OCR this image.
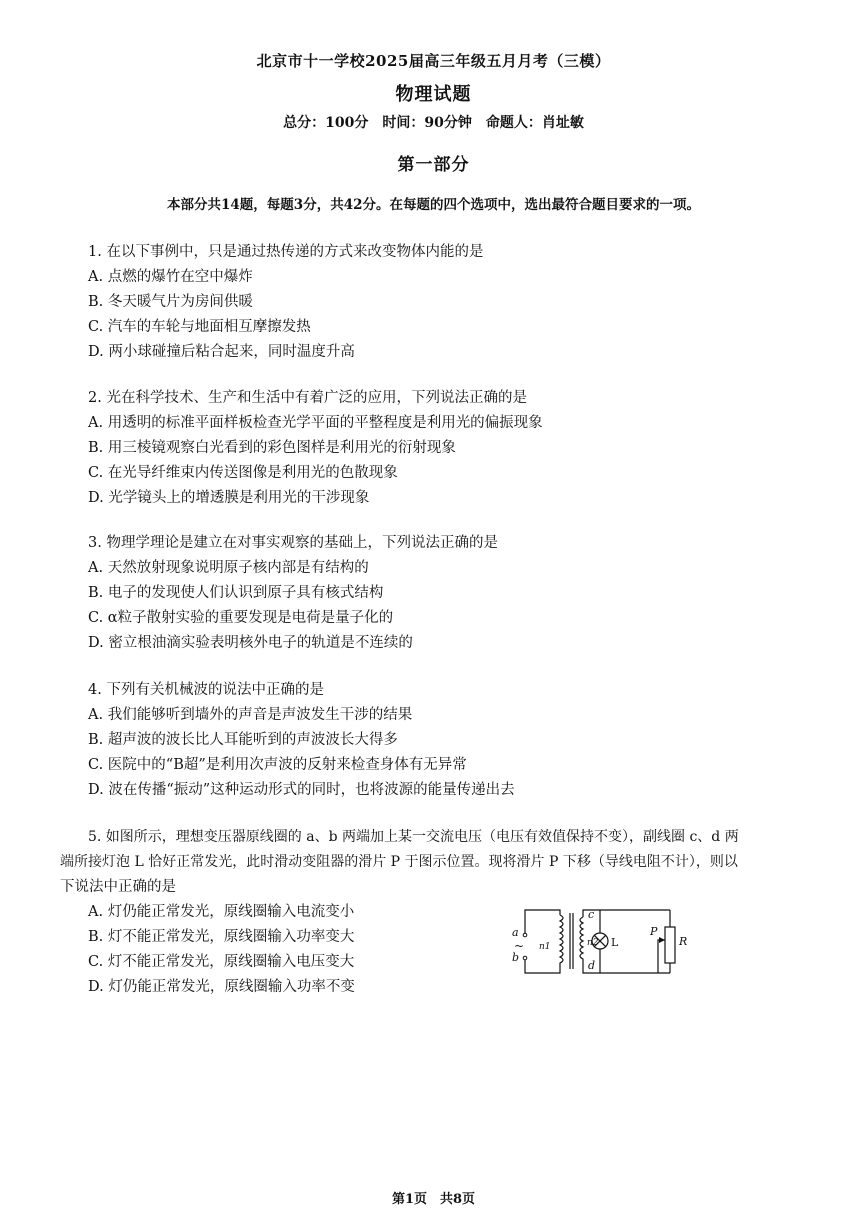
北京市十一学校2025届高三年级五月月考（三模）
物理试题
总分：100分　时间：90分钟　命题人：肖址敏
第一部分
本部分共14题，每题3分，共42分。在每题的四个选项中，选出最符合题目要求的一项。
1. 在以下事例中，只是通过热传递的方式来改变物体内能的是
A. 点燃的爆竹在空中爆炸
B. 冬天暖气片为房间供暖
C. 汽车的车轮与地面相互摩擦发热
D. 两小球碰撞后粘合起来，同时温度升高
2. 光在科学技术、生产和生活中有着广泛的应用，下列说法正确的是
A. 用透明的标准平面样板检查光学平面的平整程度是利用光的偏振现象
B. 用三棱镜观察白光看到的彩色图样是利用光的衍射现象
C. 在光导纤维束内传送图像是利用光的色散现象
D. 光学镜头上的增透膜是利用光的干涉现象
3. 物理学理论是建立在对事实观察的基础上，下列说法正确的是
A. 天然放射现象说明原子核内部是有结构的
B. 电子的发现使人们认识到原子具有核式结构
C. α粒子散射实验的重要发现是电荷是量子化的
D. 密立根油滴实验表明核外电子的轨道是不连续的
4. 下列有关机械波的说法中正确的是
A. 我们能够听到墙外的声音是声波发生干涉的结果
B. 超声波的波长比人耳能听到的声波波长大得多
C. 医院中的“B超”是利用次声波的反射来检查身体有无异常
D. 波在传播“振动”这种运动形式的同时，也将波源的能量传递出去
5. 如图所示，理想变压器原线圈的 a、b 两端加上某一交流电压（电压有效值保持不变），副线圈 c、d 两
端所接灯泡 L 恰好正常发光，此时滑动变阻器的滑片 P 于图示位置。现将滑片 P 下移（导线电阻不计），则以
下说法中正确的是
A. 灯仍能正常发光，原线圈输入电流变小
B. 灯不能正常发光，原线圈输入功率变大
C. 灯不能正常发光，原线圈输入电压变大
D. 灯仍能正常发光，原线圈输入功率不变
a
b
c
d
n1	n2
P
R
L
~
第1页　共8页
